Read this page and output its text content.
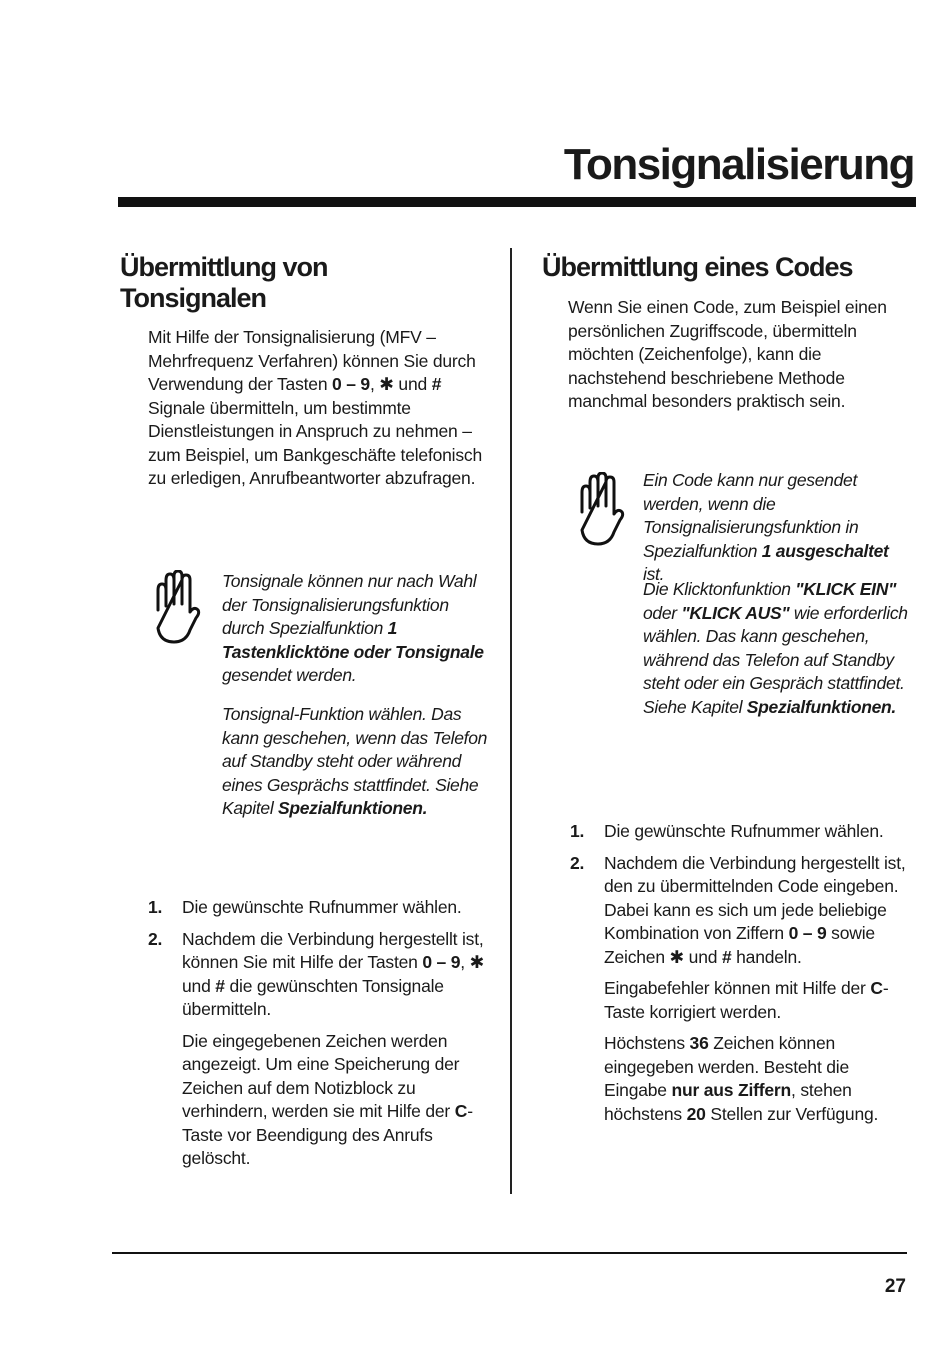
Tonsignalisierung
Übermittlung von Tonsignalen

Mit Hilfe der Tonsignalisierung (MFV – Mehrfrequenz Verfahren) können Sie durch Verwendung der Tasten 0 – 9, ✱ und # Signale übermitteln, um bestimmte Dienstleistungen in Anspruch zu nehmen – zum Beispiel, um Bankgeschäfte telefonisch zu erledigen, Anrufbeantworter abzufragen.

Tonsignale können nur nach Wahl der Tonsignalisierungsfunktion durch Spezialfunktion 1 Tastenklicktöne oder Tonsignale gesendet werden.

Tonsignal-Funktion wählen. Das kann geschehen, wenn das Telefon auf Standby steht oder während eines Gesprächs stattfindet. Siehe Kapitel Spezialfunktionen.

1. Die gewünschte Rufnummer wählen.
2. Nachdem die Verbindung hergestellt ist, können Sie mit Hilfe der Tasten 0 – 9, ✱ und # die gewünschten Tonsignale übermitteln.

Die eingegebenen Zeichen werden angezeigt. Um eine Speicherung der Zeichen auf dem Notizblock zu verhindern, werden sie mit Hilfe der C-Taste vor Beendigung des Anrufs gelöscht.

Übermittlung eines Codes

Wenn Sie einen Code, zum Beispiel einen persönlichen Zugriffscode, übermitteln möchten (Zeichenfolge), kann die nachstehend beschriebene Methode manchmal besonders praktisch sein.

Ein Code kann nur gesendet werden, wenn die Tonsignalisierungsfunktion in Spezialfunktion 1 ausgeschaltet ist.

Die Klicktonfunktion "KLICK EIN" oder "KLICK AUS" wie erforderlich wählen. Das kann geschehen, während das Telefon auf Standby steht oder ein Gespräch stattfindet. Siehe Kapitel Spezialfunktionen.

1. Die gewünschte Rufnummer wählen.
2. Nachdem die Verbindung hergestellt ist, den zu übermittelnden Code eingeben. Dabei kann es sich um jede beliebige Kombination von Ziffern 0 – 9 sowie Zeichen ✱ und # handeln.

Eingabefehler können mit Hilfe der C-Taste korrigiert werden.

Höchstens 36 Zeichen können eingegeben werden. Besteht die Eingabe nur aus Ziffern, stehen höchstens 20 Stellen zur Verfügung.

27
